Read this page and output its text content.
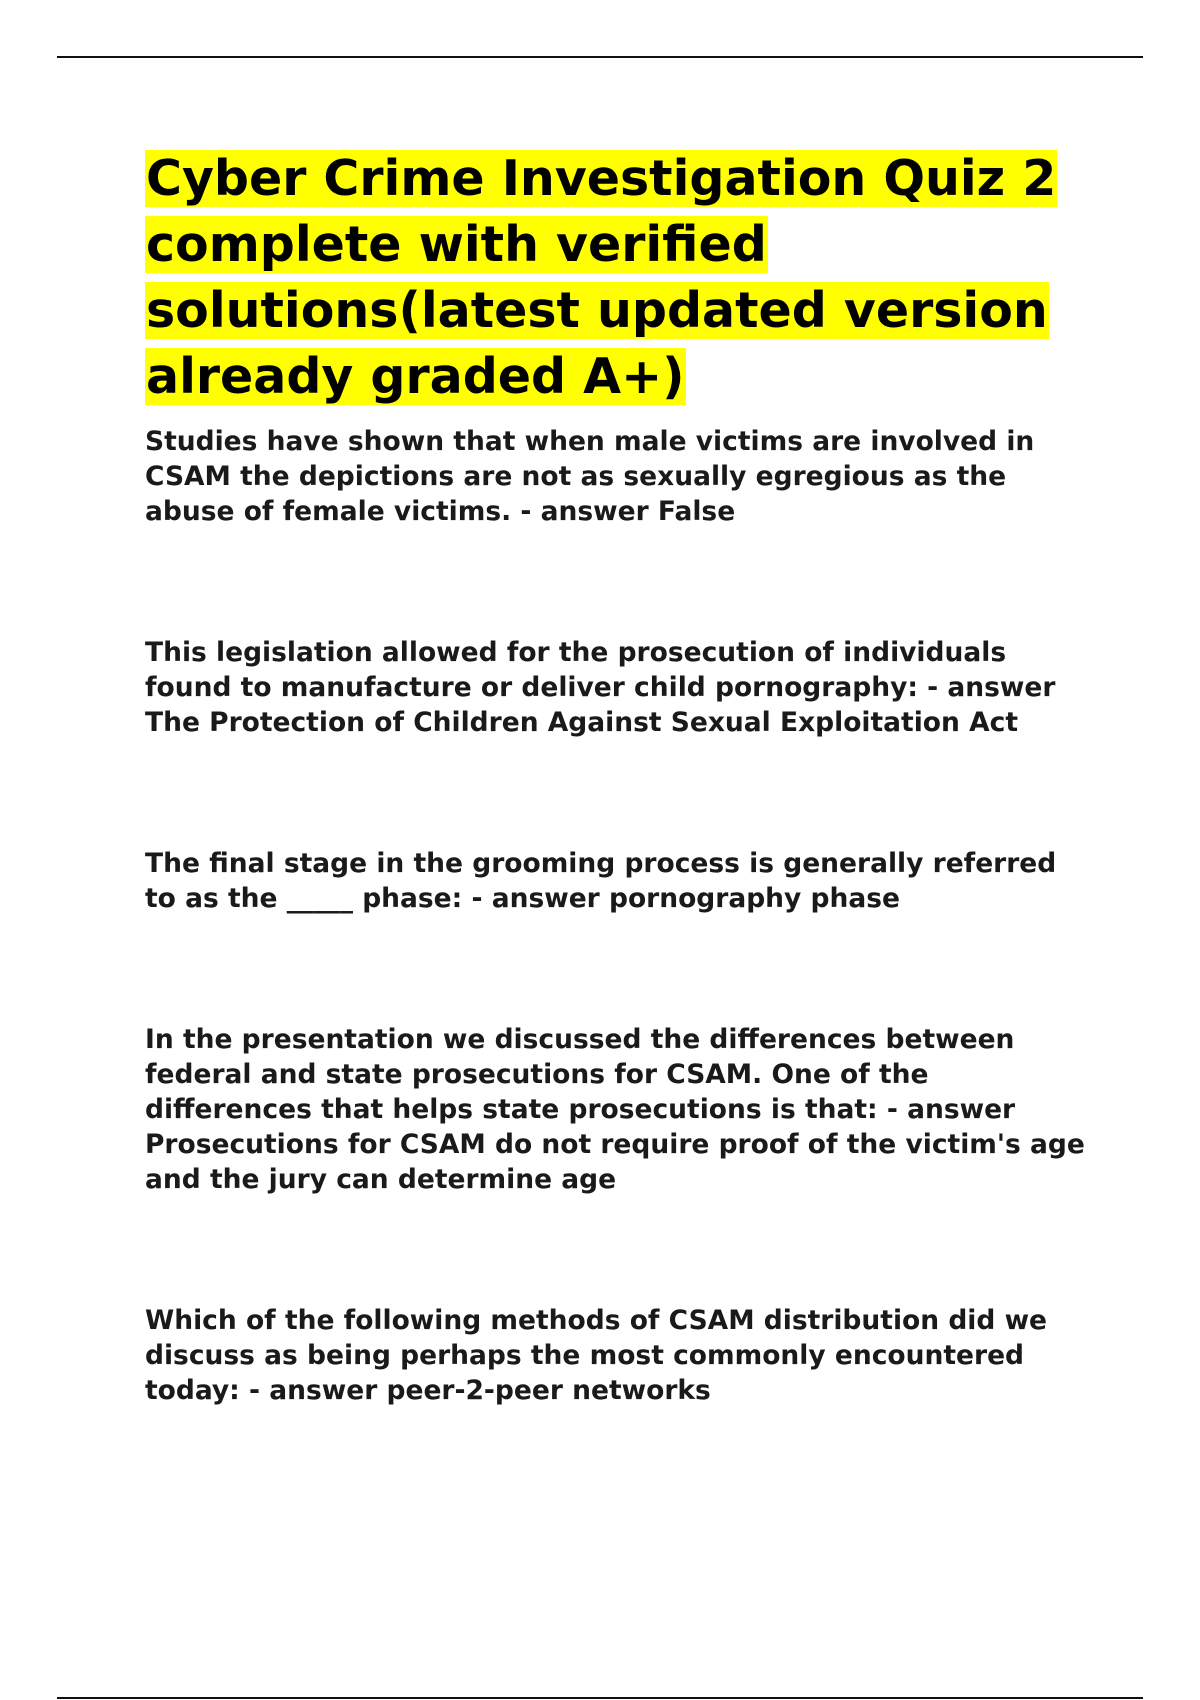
Cyber Crime Investigation Quiz 2 complete with verified solutions(latest updated version already graded A+)
Studies have shown that when male victims are involved in CSAM the depictions are not as sexually egregious as the abuse of female victims. - answer False
This legislation allowed for the prosecution of individuals found to manufacture or deliver child pornography: - answer The Protection of Children Against Sexual Exploitation Act
The final stage in the grooming process is generally referred to as the _____ phase: - answer pornography phase
In the presentation we discussed the differences between federal and state prosecutions for CSAM. One of the differences that helps state prosecutions is that: - answer Prosecutions for CSAM do not require proof of the victim's age and the jury can determine age
Which of the following methods of CSAM distribution did we discuss as being perhaps the most commonly encountered today: - answer peer-2-peer networks
